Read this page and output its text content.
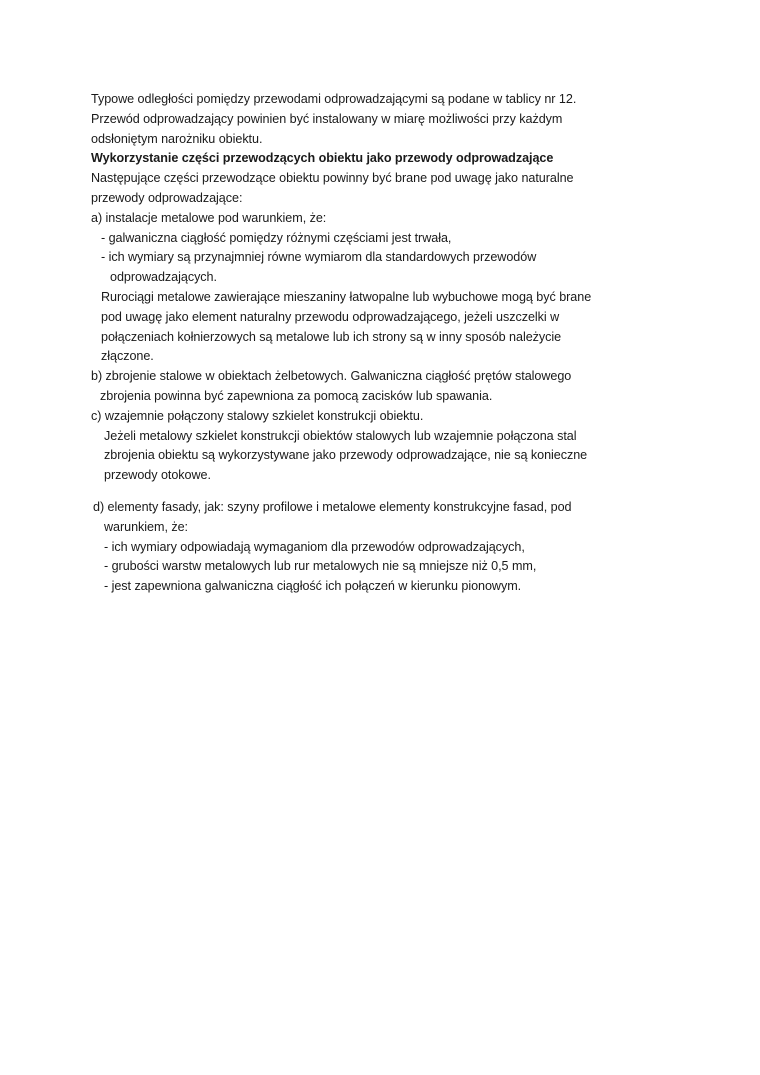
Typowe odległości pomiędzy przewodami odprowadzającymi są podane w tablicy nr 12.
Przewód odprowadzający powinien być instalowany w miarę możliwości przy każdym
odsłoniętym narożniku obiektu.
Wykorzystanie części przewodzących obiektu jako przewody odprowadzające
Następujące części przewodzące obiektu powinny być brane pod uwagę jako naturalne
przewody odprowadzające:
a) instalacje metalowe pod warunkiem, że:
- galwaniczna ciągłość pomiędzy różnymi częściami jest trwała,
- ich wymiary są przynajmniej równe wymiarom dla standardowych przewodów
odprowadzających.
Rurociągi metalowe zawierające mieszaniny łatwopalne lub wybuchowe mogą być brane
pod uwagę jako element naturalny przewodu odprowadzającego, jeżeli uszczelki w
połączeniach kołnierzowych są metalowe lub ich strony są w inny sposób należycie
złączone.
b) zbrojenie stalowe w obiektach żelbetowych. Galwaniczna ciągłość prętów stalowego
zbrojenia powinna być zapewniona za pomocą zacisków lub spawania.
c) wzajemnie połączony stalowy szkielet konstrukcji obiektu.
Jeżeli metalowy szkielet konstrukcji obiektów stalowych lub wzajemnie połączona stal
zbrojenia obiektu są wykorzystywane jako przewody odprowadzające, nie są konieczne
przewody otokowe.
d) elementy fasady, jak: szyny profilowe i metalowe elementy konstrukcyjne fasad, pod
warunkiem, że:
- ich wymiary odpowiadają wymaganiom dla przewodów odprowadzających,
- grubości warstw metalowych lub rur metalowych nie są mniejsze niż 0,5 mm,
- jest zapewniona galwaniczna ciągłość ich połączeń w kierunku pionowym.
